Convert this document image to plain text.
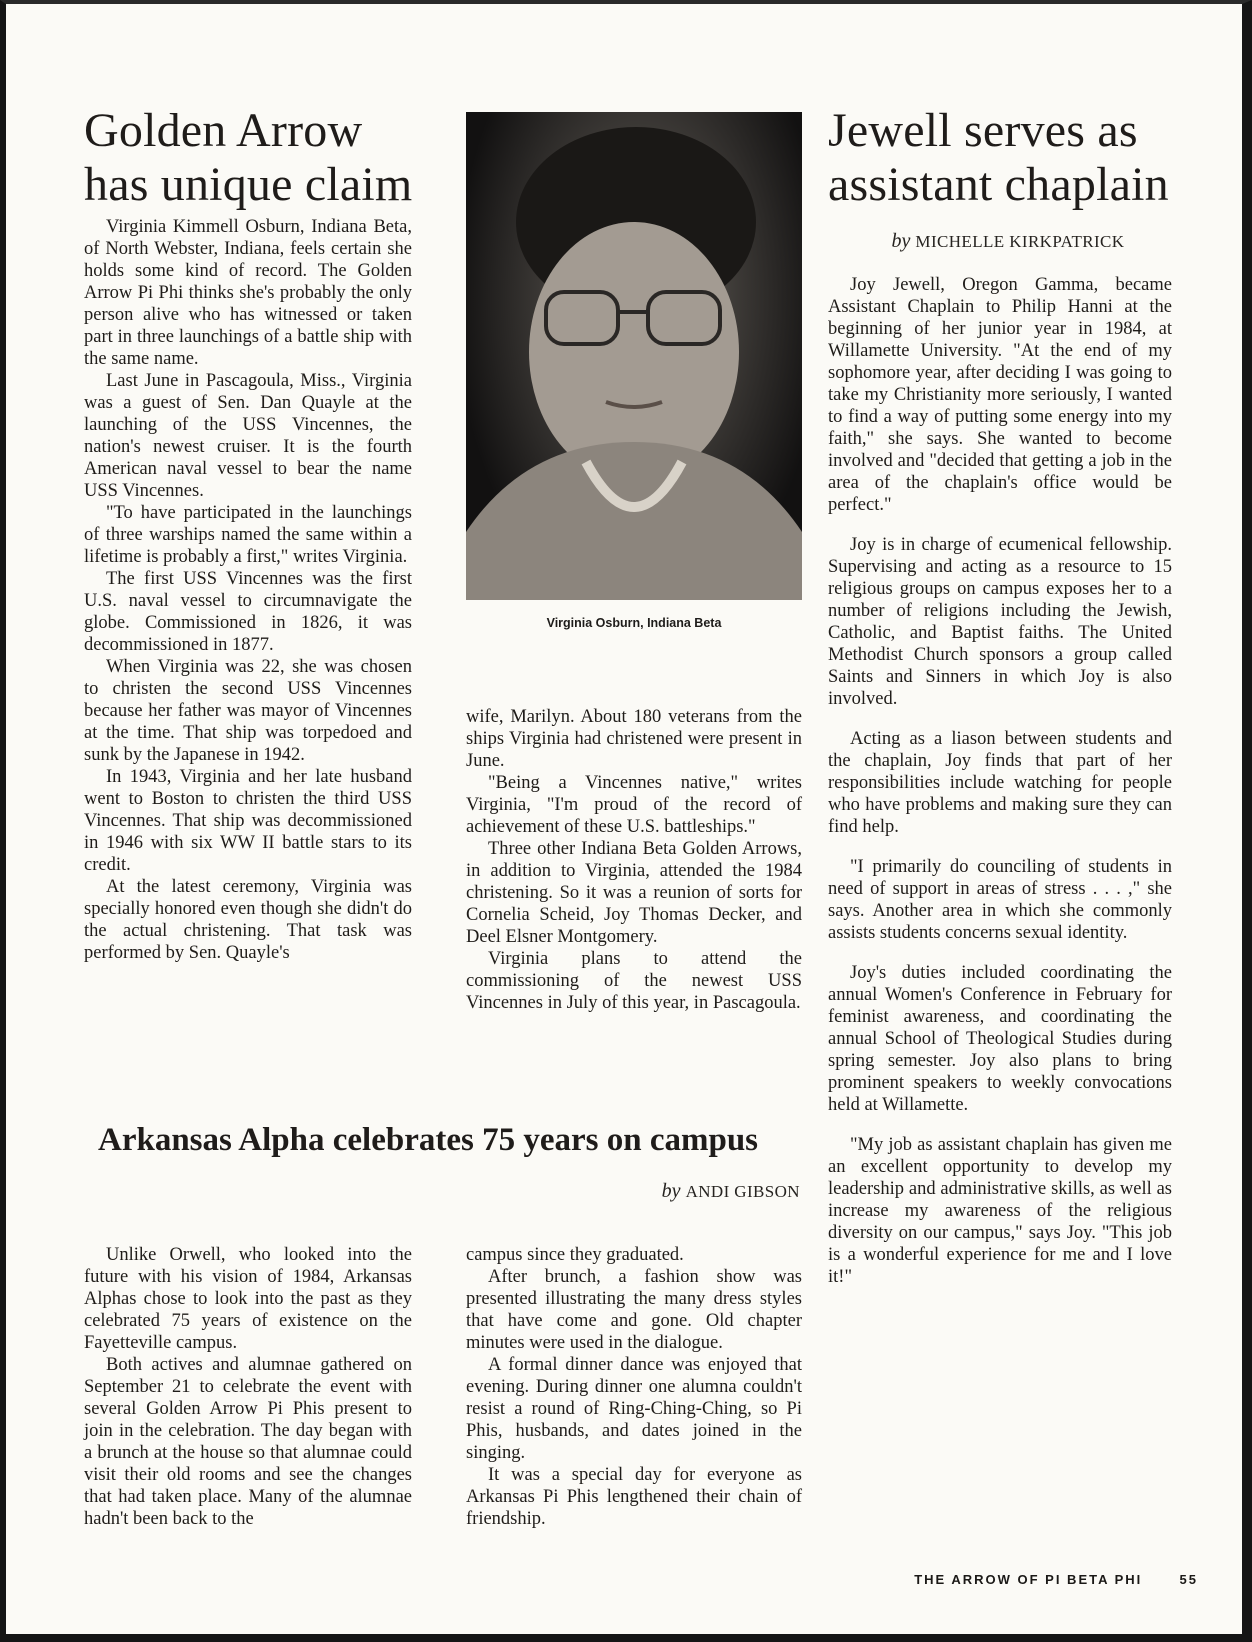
Golden Arrow has unique claim

Virginia Kimmell Osburn, Indiana Beta, of North Webster, Indiana, feels certain she holds some kind of record. The Golden Arrow Pi Phi thinks she's probably the only person alive who has witnessed or taken part in three launchings of a battle ship with the same name.

Last June in Pascagoula, Miss., Virginia was a guest of Sen. Dan Quayle at the launching of the USS Vincennes, the nation's newest cruiser. It is the fourth American naval vessel to bear the name USS Vincennes.

"To have participated in the launchings of three warships named the same within a lifetime is probably a first," writes Virginia.

The first USS Vincennes was the first U.S. naval vessel to circumnavigate the globe. Commissioned in 1826, it was decommissioned in 1877.

When Virginia was 22, she was chosen to christen the second USS Vincennes because her father was mayor of Vincennes at the time. That ship was torpedoed and sunk by the Japanese in 1942.

In 1943, Virginia and her late husband went to Boston to christen the third USS Vincennes. That ship was decommissioned in 1946 with six WW II battle stars to its credit.

At the latest ceremony, Virginia was specially honored even though she didn't do the actual christening. That task was performed by Sen. Quayle's

Virginia Osburn, Indiana Beta

wife, Marilyn. About 180 veterans from the ships Virginia had christened were present in June.

"Being a Vincennes native," writes Virginia, "I'm proud of the record of achievement of these U.S. battleships."

Three other Indiana Beta Golden Arrows, in addition to Virginia, attended the 1984 christening. So it was a reunion of sorts for Cornelia Scheid, Joy Thomas Decker, and Deel Elsner Montgomery.

Virginia plans to attend the commissioning of the newest USS Vincennes in July of this year, in Pascagoula.

Jewell serves as assistant chaplain

by MICHELLE KIRKPATRICK

Joy Jewell, Oregon Gamma, became Assistant Chaplain to Philip Hanni at the beginning of her junior year in 1984, at Willamette University. "At the end of my sophomore year, after deciding I was going to take my Christianity more seriously, I wanted to find a way of putting some energy into my faith," she says. She wanted to become involved and "decided that getting a job in the area of the chaplain's office would be perfect."

Joy is in charge of ecumenical fellowship. Supervising and acting as a resource to 15 religious groups on campus exposes her to a number of religions including the Jewish, Catholic, and Baptist faiths. The United Methodist Church sponsors a group called Saints and Sinners in which Joy is also involved.

Acting as a liason between students and the chaplain, Joy finds that part of her responsibilities include watching for people who have problems and making sure they can find help.

"I primarily do counciling of students in need of support in areas of stress . . . ," she says. Another area in which she commonly assists students concerns sexual identity.

Joy's duties included coordinating the annual Women's Conference in February for feminist awareness, and coordinating the annual School of Theological Studies during spring semester. Joy also plans to bring prominent speakers to weekly convocations held at Willamette.

"My job as assistant chaplain has given me an excellent opportunity to develop my leadership and administrative skills, as well as increase my awareness of the religious diversity on our campus," says Joy. "This job is a wonderful experience for me and I love it!"

Arkansas Alpha celebrates 75 years on campus

by ANDI GIBSON

Unlike Orwell, who looked into the future with his vision of 1984, Arkansas Alphas chose to look into the past as they celebrated 75 years of existence on the Fayetteville campus.

Both actives and alumnae gathered on September 21 to celebrate the event with several Golden Arrow Pi Phis present to join in the celebration. The day began with a brunch at the house so that alumnae could visit their old rooms and see the changes that had taken place. Many of the alumnae hadn't been back to the

campus since they graduated.

After brunch, a fashion show was presented illustrating the many dress styles that have come and gone. Old chapter minutes were used in the dialogue.

A formal dinner dance was enjoyed that evening. During dinner one alumna couldn't resist a round of Ring-Ching-Ching, so Pi Phis, husbands, and dates joined in the singing.

It was a special day for everyone as Arkansas Pi Phis lengthened their chain of friendship.

THE ARROW OF PI BETA PHI	55
